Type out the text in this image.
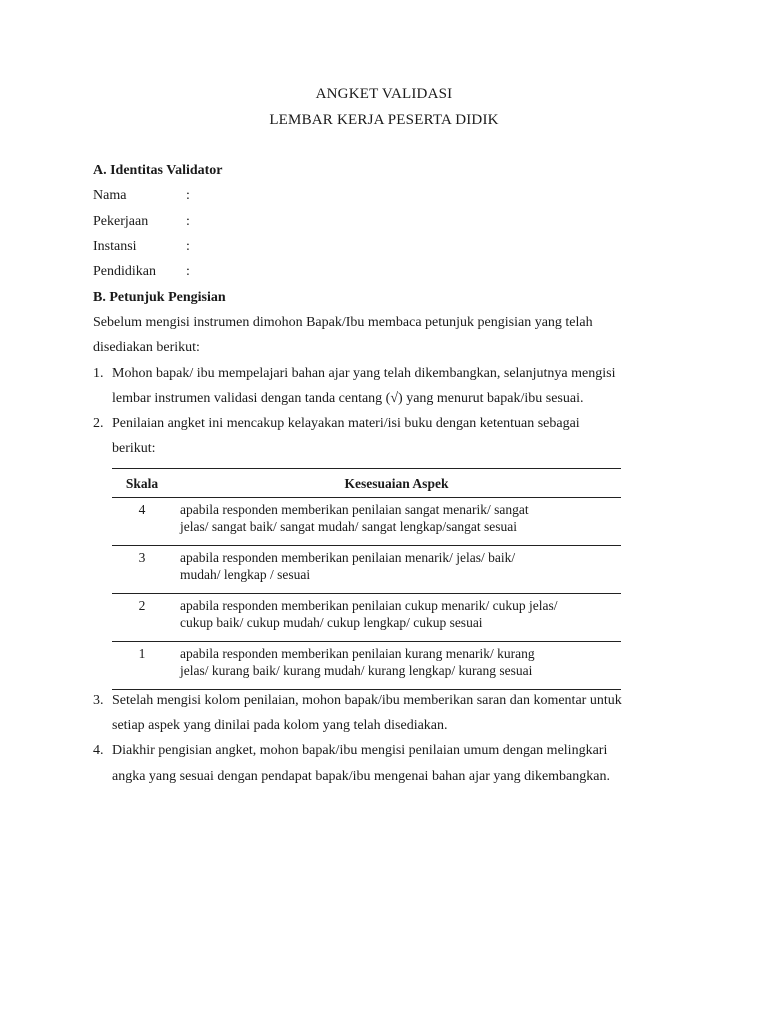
ANGKET VALIDASI
LEMBAR KERJA PESERTA DIDIK
A. Identitas Validator
Nama	:
Pekerjaan	:
Instansi	:
Pendidikan :
B. Petunjuk Pengisian
Sebelum mengisi instrumen dimohon Bapak/Ibu membaca petunjuk pengisian yang telah
disediakan berikut:
1. Mohon bapak/ ibu mempelajari bahan ajar yang telah dikembangkan, selanjutnya mengisi
lembar instrumen validasi dengan tanda centang (√) yang menurut bapak/ibu sesuai.
2. Penilaian angket ini mencakup kelayakan materi/isi buku dengan ketentuan sebagai
berikut:
Skala	Kesesuaian Aspek
4	apabila responden memberikan penilaian sangat menarik/ sangat
jelas/ sangat baik/ sangat mudah/ sangat lengkap/sangat sesuai

3	apabila responden memberikan penilaian menarik/ jelas/ baik/
mudah/ lengkap / sesuai

2	apabila responden memberikan penilaian cukup menarik/ cukup jelas/
cukup baik/ cukup mudah/ cukup lengkap/ cukup sesuai

1	apabila responden memberikan penilaian kurang menarik/ kurang
jelas/ kurang baik/ kurang mudah/ kurang lengkap/ kurang sesuai
3. Setelah mengisi kolom penilaian, mohon bapak/ibu memberikan saran dan komentar untuk
setiap aspek yang dinilai pada kolom yang telah disediakan.
4. Diakhir pengisian angket, mohon bapak/ibu mengisi penilaian umum dengan melingkari
angka yang sesuai dengan pendapat bapak/ibu mengenai bahan ajar yang dikembangkan.
